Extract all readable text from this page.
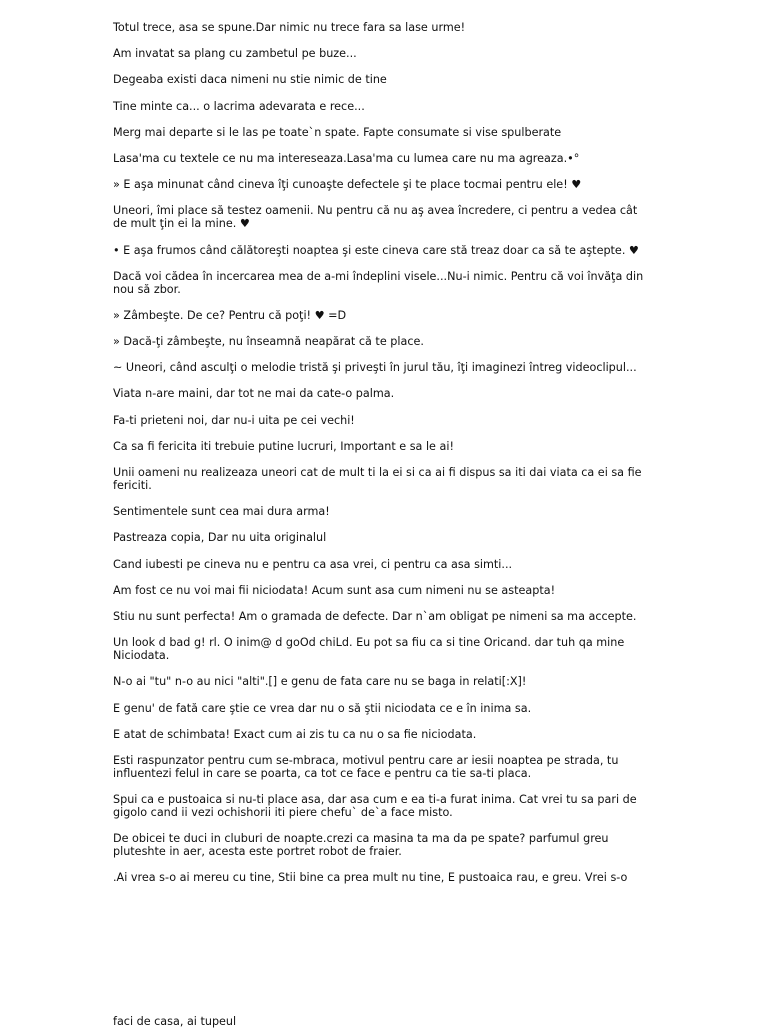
Totul trece, asa se spune.Dar nimic nu trece fara sa lase urme!

Am invatat sa plang cu zambetul pe buze...

Degeaba existi daca nimeni nu stie nimic de tine

Tine minte ca... o lacrima adevarata e rece...

Merg mai departe si le las pe toate`n spate. Fapte consumate si vise spulberate

Lasa'ma cu textele ce nu ma intereseaza.Lasa'ma cu lumea care nu ma agreaza.•°

» E aşa minunat când cineva îţi cunoaşte defectele şi te place tocmai pentru ele! ♥

Uneori, îmi place să testez oamenii. Nu pentru că nu aş avea încredere, ci pentru a vedea cât de mult ţin ei la mine. ♥

• E aşa frumos când călătoreşti noaptea şi este cineva care stă treaz doar ca să te aştepte. ♥

Dacă voi cădea în incercarea mea de a-mi îndeplini visele...Nu-i nimic. Pentru că voi învăţa din nou să zbor.

» Zâmbeşte. De ce? Pentru că poţi! ♥ =D

» Dacă-ţi zâmbeşte, nu înseamnă neapărat că te place.

~ Uneori, când asculţi o melodie tristă şi priveşti în jurul tău, îţi imaginezi întreg videoclipul...

Viata n-are maini, dar tot ne mai da cate-o palma.

Fa-ti prieteni noi, dar nu-i uita pe cei vechi!

Ca sa fi fericita iti trebuie putine lucruri, Important e sa le ai!

Unii oameni nu realizeaza uneori cat de mult ti la ei si ca ai fi dispus sa iti dai viata ca ei sa fie fericiti.

Sentimentele sunt cea mai dura arma!

Pastreaza copia, Dar nu uita originalul

Cand iubesti pe cineva nu e pentru ca asa vrei, ci pentru ca asa simti...

Am fost ce nu voi mai fii niciodata! Acum sunt asa cum nimeni nu se asteapta!

Stiu nu sunt perfecta! Am o gramada de defecte. Dar n`am obligat pe nimeni sa ma accepte.

Un look d bad g! rl. O inim@ d goOd chiLd. Eu pot sa fiu ca si tine Oricand. dar tuh qa mine Niciodata.

N-o ai "tu" n-o au nici "alti".[] e genu de fata care nu se baga in relati[:X]!

E genu' de fată care ştie ce vrea dar nu o să ştii niciodata ce e în inima sa.

E atat de schimbata! Exact cum ai zis tu ca nu o sa fie niciodata.

Esti raspunzator pentru cum se-mbraca, motivul pentru care ar iesii noaptea pe strada, tu influentezi felul in care se poarta, ca tot ce face e pentru ca tie sa-ti placa.

Spui ca e pustoaica si nu-ti place asa, dar asa cum e ea ti-a furat inima. Cat vrei tu sa pari de gigolo cand ii vezi ochishorii iti piere chefu` de`a face misto.

De obicei te duci in cluburi de noapte.crezi ca masina ta ma da pe spate? parfumul greu pluteshte in aer, acesta este portret robot de fraier.

.Ai vrea s-o ai mereu cu tine, Stii bine ca prea mult nu tine, E pustoaica rau, e greu. Vrei s-o

faci de casa, ai tupeul
